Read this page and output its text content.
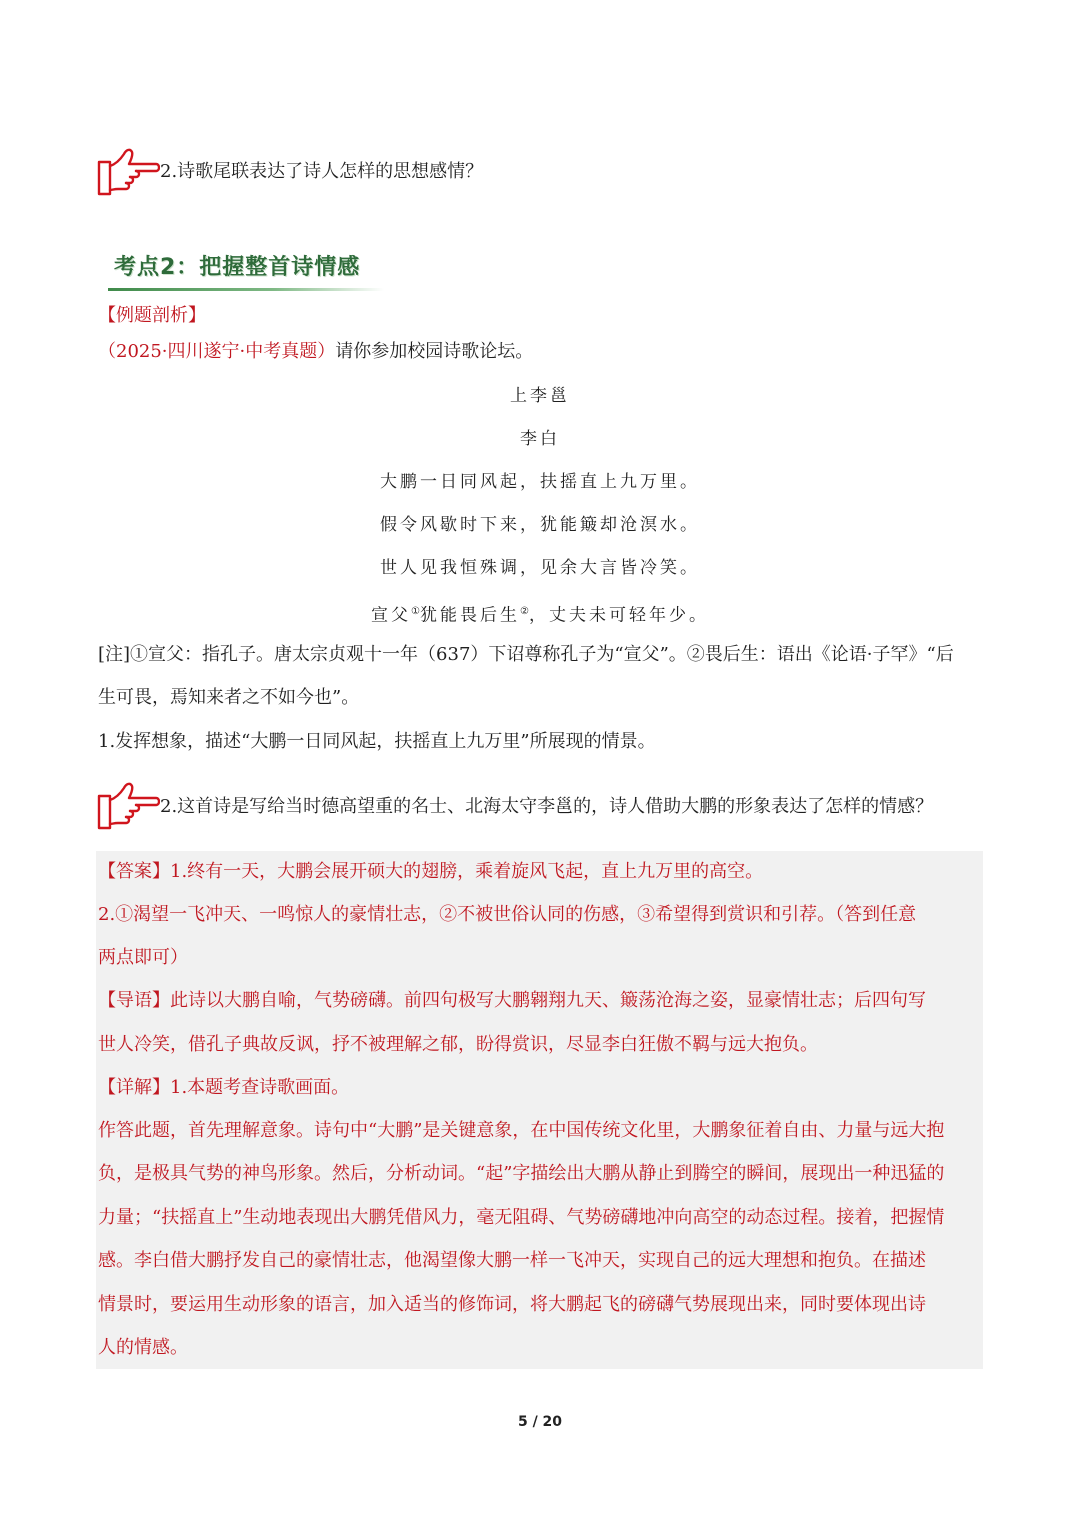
2.诗歌尾联表达了诗人怎样的思想感情？
考点2：把握整首诗情感
【例题剖析】
（2025·四川遂宁·中考真题）请你参加校园诗歌论坛。
上李邕
李白
大鹏一日同风起，扶摇直上九万里。
假令风歇时下来，犹能簸却沧溟水。
世人见我恒殊调，见余大言皆冷笑。
宣父①犹能畏后生②，丈夫未可轻年少。
[注]①宣父：指孔子。唐太宗贞观十一年（637）下诏尊称孔子为“宣父”。②畏后生：语出《论语·子罕》“后
生可畏，焉知来者之不如今也”。
1.发挥想象，描述“大鹏一日同风起，扶摇直上九万里”所展现的情景。
2.这首诗是写给当时德高望重的名士、北海太守李邕的，诗人借助大鹏的形象表达了怎样的情感？
【答案】1.终有一天，大鹏会展开硕大的翅膀，乘着旋风飞起，直上九万里的高空。
2.①渴望一飞冲天、一鸣惊人的豪情壮志，②不被世俗认同的伤感，③希望得到赏识和引荐。（答到任意
两点即可）
【导语】此诗以大鹏自喻，气势磅礴。前四句极写大鹏翱翔九天、簸荡沧海之姿，显豪情壮志；后四句写
世人冷笑，借孔子典故反讽，抒不被理解之郁，盼得赏识，尽显李白狂傲不羁与远大抱负。
【详解】1.本题考查诗歌画面。
作答此题，首先理解意象。诗句中“大鹏”是关键意象，在中国传统文化里，大鹏象征着自由、力量与远大抱
负，是极具气势的神鸟形象。然后，分析动词。“起”字描绘出大鹏从静止到腾空的瞬间，展现出一种迅猛的
力量；“扶摇直上”生动地表现出大鹏凭借风力，毫无阻碍、气势磅礴地冲向高空的动态过程。接着，把握情
感。李白借大鹏抒发自己的豪情壮志，他渴望像大鹏一样一飞冲天，实现自己的远大理想和抱负。在描述
情景时，要运用生动形象的语言，加入适当的修饰词，将大鹏起飞的磅礴气势展现出来，同时要体现出诗
人的情感。
5 / 20
